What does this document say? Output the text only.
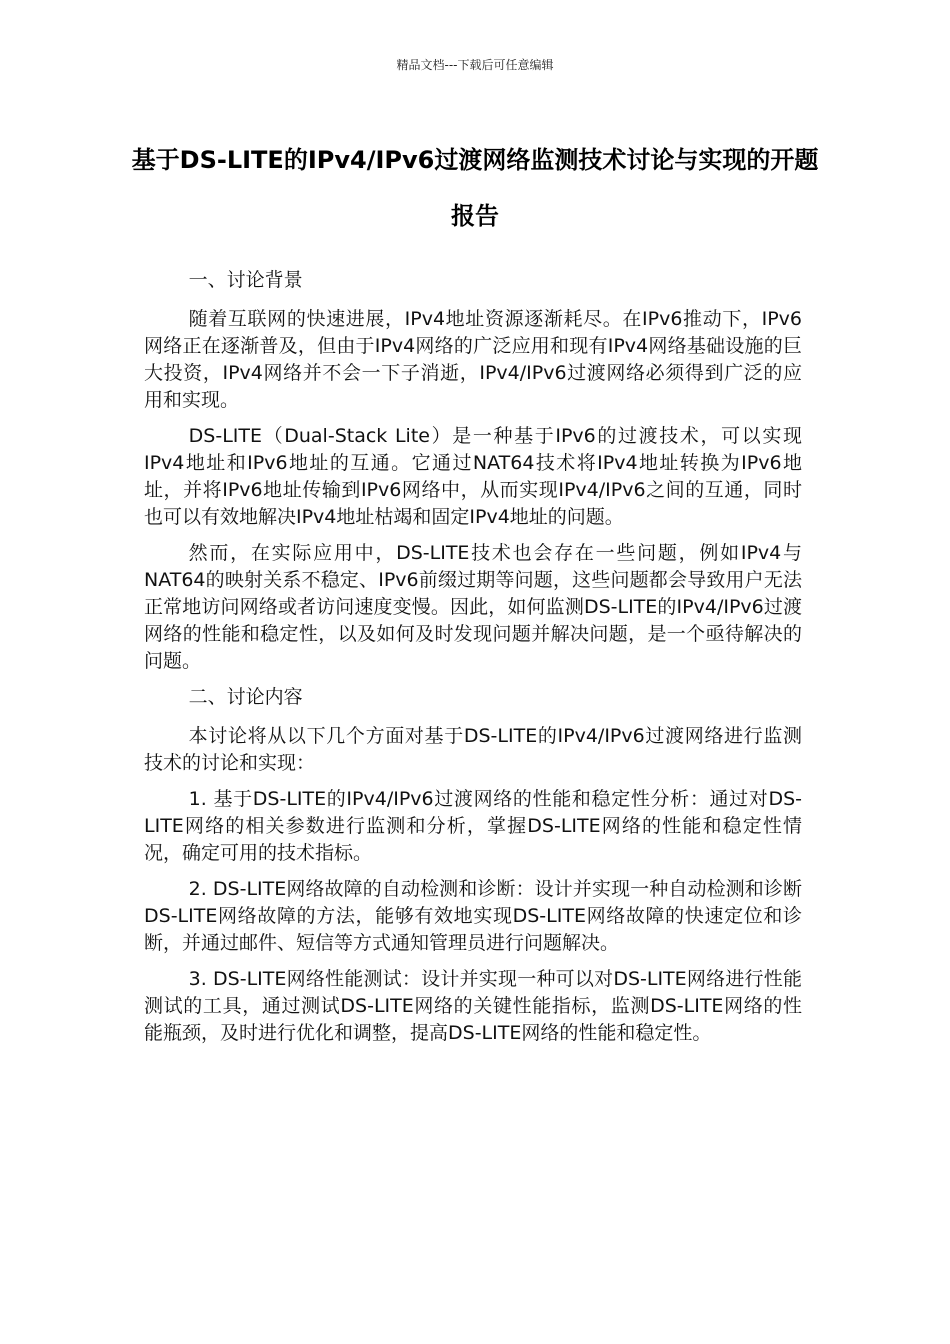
精品文档---下载后可任意编辑
基于DS-LITE的IPv4/IPv6过渡网络监测技术讨论与实现的开题报告

一、讨论背景

随着互联网的快速进展，IPv4地址资源逐渐耗尽。在IPv6推动下，IPv6网络正在逐渐普及，但由于IPv4网络的广泛应用和现有IPv4网络基础设施的巨大投资，IPv4网络并不会一下子消逝，IPv4/IPv6过渡网络必须得到广泛的应用和实现。

DS-LITE（Dual-Stack Lite）是一种基于IPv6的过渡技术，可以实现IPv4地址和IPv6地址的互通。它通过NAT64技术将IPv4地址转换为IPv6地址，并将IPv6地址传输到IPv6网络中，从而实现IPv4/IPv6之间的互通，同时也可以有效地解决IPv4地址枯竭和固定IPv4地址的问题。

然而，在实际应用中，DS-LITE技术也会存在一些问题，例如IPv4与NAT64的映射关系不稳定、IPv6前缀过期等问题，这些问题都会导致用户无法正常地访问网络或者访问速度变慢。因此，如何监测DS-LITE的IPv4/IPv6过渡网络的性能和稳定性，以及如何及时发现问题并解决问题，是一个亟待解决的问题。

二、讨论内容

本讨论将从以下几个方面对基于DS-LITE的IPv4/IPv6过渡网络进行监测技术的讨论和实现：

1. 基于DS-LITE的IPv4/IPv6过渡网络的性能和稳定性分析：通过对DS-LITE网络的相关参数进行监测和分析，掌握DS-LITE网络的性能和稳定性情况，确定可用的技术指标。

2. DS-LITE网络故障的自动检测和诊断：设计并实现一种自动检测和诊断DS-LITE网络故障的方法，能够有效地实现DS-LITE网络故障的快速定位和诊断，并通过邮件、短信等方式通知管理员进行问题解决。

3. DS-LITE网络性能测试：设计并实现一种可以对DS-LITE网络进行性能测试的工具，通过测试DS-LITE网络的关键性能指标，监测DS-LITE网络的性能瓶颈，及时进行优化和调整，提高DS-LITE网络的性能和稳定性。
